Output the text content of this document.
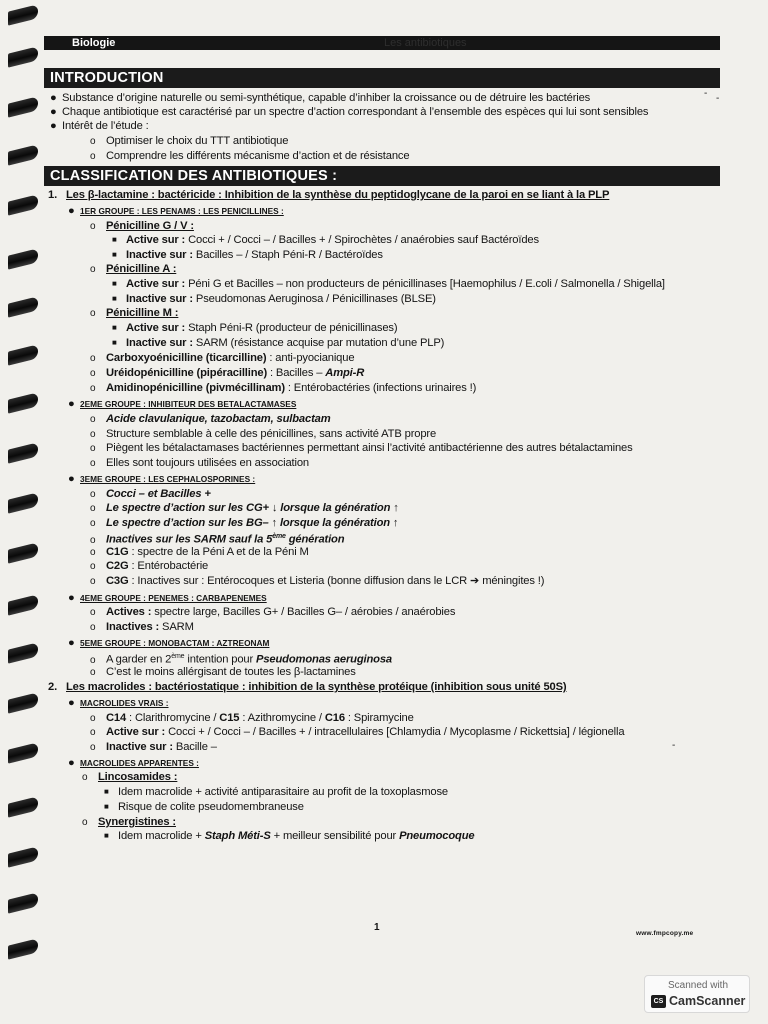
Biologie	Les antibiotiques
INTRODUCTION
● Substance d’origine naturelle ou semi-synthétique, capable d’inhiber la croissance ou de détruire les bactéries	- -
● Chaque antibiotique est caractérisé par un spectre d’action correspondant à l’ensemble des espèces qui lui sont sensibles
● Intérêt de l’étude :
o Optimiser le choix du TTT antibiotique
o Comprendre les différents mécanisme d’action et de résistance
CLASSIFICATION DES ANTIBIOTIQUES :
1. Les β-lactamine : bactéricide : Inhibition de la synthèse du peptidoglycane de la paroi en se liant à la PLP
● 1ER GROUPE : LES PENAMS : LES PENICILLINES :
o Pénicilline G / V :
■ Active sur : Cocci + / Cocci – / Bacilles + / Spirochètes / anaérobies sauf Bactéroïdes
■ Inactive sur : Bacilles – / Staph Péni-R / Bactéroïdes
o Pénicilline A :
■ Active sur : Péni G et Bacilles – non producteurs de pénicillinases [Haemophilus / E.coli / Salmonella / Shigella]
■ Inactive sur : Pseudomonas Aeruginosa / Pénicillinases (BLSE)
o Pénicilline M :
■ Active sur : Staph Péni-R (producteur de pénicillinases)
■ Inactive sur : SARM (résistance acquise par mutation d’une PLP)
o Carboxyoénicilline (ticarcilline) : anti-pyocianique
o Uréidopénicilline (pipéracilline) : Bacilles – Ampi-R
o Amidinopénicilline (pivmécillinam) : Entérobactéries (infections urinaires !)
● 2EME GROUPE : INHIBITEUR DES BETALACTAMASES
o Acide clavulanique, tazobactam, sulbactam
o Structure semblable à celle des pénicillines, sans activité ATB propre
o Piègent les bétalactamases bactériennes permettant ainsi l’activité antibactérienne des autres bétalactamines
o Elles sont toujours utilisées en association
● 3EME GROUPE : LES CEPHALOSPORINES :
o Cocci – et Bacilles +
o Le spectre d’action sur les CG+ ↓ lorsque la génération ↑
o Le spectre d’action sur les BG– ↑ lorsque la génération ↑
o Inactives sur les SARM sauf la 5ème génération
o C1G : spectre de la Péni A et de la Péni M
o C2G : Entérobactérie
o C3G : Inactives sur : Entérocoques et Listeria (bonne diffusion dans le LCR ➔ méningites !)
● 4EME GROUPE : PENEMES : CARBAPENEMES
o Actives : spectre large, Bacilles G+ / Bacilles G– / aérobies / anaérobies
o Inactives : SARM
● 5EME GROUPE : MONOBACTAM : AZTREONAM
o A garder en 2ème intention pour Pseudomonas aeruginosa
o C’est le moins allérgisant de toutes les β-lactamines
2. Les macrolides : bactériostatique : inhibition de la synthèse protéique (inhibition sous unité 50S)
● MACROLIDES VRAIS :
o C14 : Clarithromycine / C15 : Azithromycine / C16 : Spiramycine
o Active sur : Cocci + / Cocci – / Bacilles + / intracellulaires [Chlamydia / Mycoplasme / Rickettsia] / légionella
o Inactive sur : Bacille –	-
● MACROLIDES APPARENTES :
o Lincosamides :
■ Idem macrolide + activité antiparasitaire au profit de la toxoplasmose
■ Risque de colite pseudomembraneuse
o Synergistines :
■ Idem macrolide + Staph Méti-S + meilleur sensibilité pour Pneumocoque
1
www.fmpcopy.me
Scanned with
CS CamScanner
